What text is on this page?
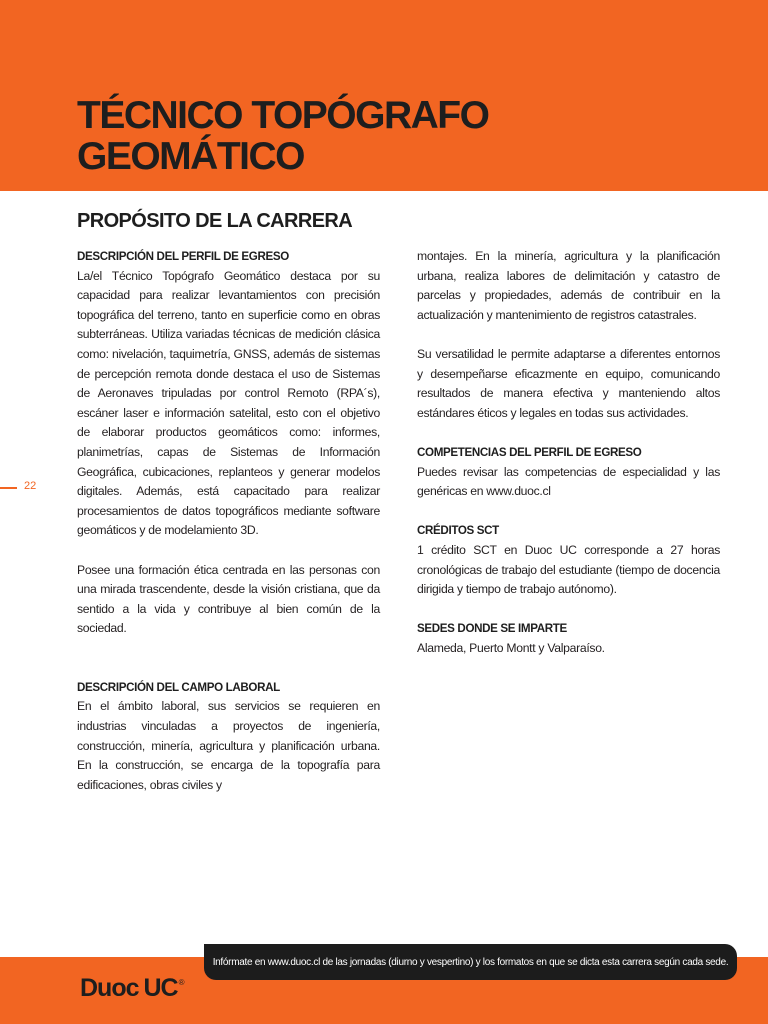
TÉCNICO TOPÓGRAFO
GEOMÁTICO
PROPÓSITO DE LA CARRERA
22
DESCRIPCIÓN DEL PERFIL DE EGRESO

La/el Técnico Topógrafo Geomático destaca por su capacidad para realizar levantamientos con precisión topográfica del terreno, tanto en superficie como en obras subterráneas. Utiliza variadas técnicas de medición clásica como: nivelación, taquimetría, GNSS, además de sistemas de percepción remota donde destaca el uso de Sistemas de Aeronaves tripuladas por control Remoto (RPA´s), escáner laser e información satelital, esto con el objetivo de elaborar productos geomáticos como: informes, planimetrías, capas de Sistemas de Información Geográfica, cubicaciones, replanteos y generar modelos digitales. Además, está capacitado para realizar procesamientos de datos topográficos mediante software geomáticos y de modelamiento 3D.

Posee una formación ética centrada en las personas con una mirada trascendente, desde la visión cristiana, que da sentido a la vida y contribuye al bien común de la sociedad.

DESCRIPCIÓN DEL CAMPO LABORAL

En el ámbito laboral, sus servicios se requieren en industrias vinculadas a proyectos de ingeniería, construcción, minería, agricultura y planificación urbana. En la construcción, se encarga de la topografía para edificaciones, obras civiles y

montajes. En la minería, agricultura y la planificación urbana, realiza labores de delimitación y catastro de parcelas y propiedades, además de contribuir en la actualización y mantenimiento de registros catastrales.

Su versatilidad le permite adaptarse a diferentes entornos y desempeñarse eficazmente en equipo, comunicando resultados de manera efectiva y manteniendo altos estándares éticos y legales en todas sus actividades.

COMPETENCIAS DEL PERFIL DE EGRESO

Puedes revisar las competencias de especialidad y las genéricas en www.duoc.cl

CRÉDITOS SCT

1 crédito SCT en Duoc UC corresponde a 27 horas cronológicas de trabajo del estudiante (tiempo de docencia dirigida y tiempo de trabajo autónomo).

SEDES DONDE SE IMPARTE

Alameda, Puerto Montt y Valparaíso.

Infórmate en www.duoc.cl de las jornadas (diurno y vespertino) y los formatos en que se dicta esta carrera según cada sede.
Duoc UC ®
